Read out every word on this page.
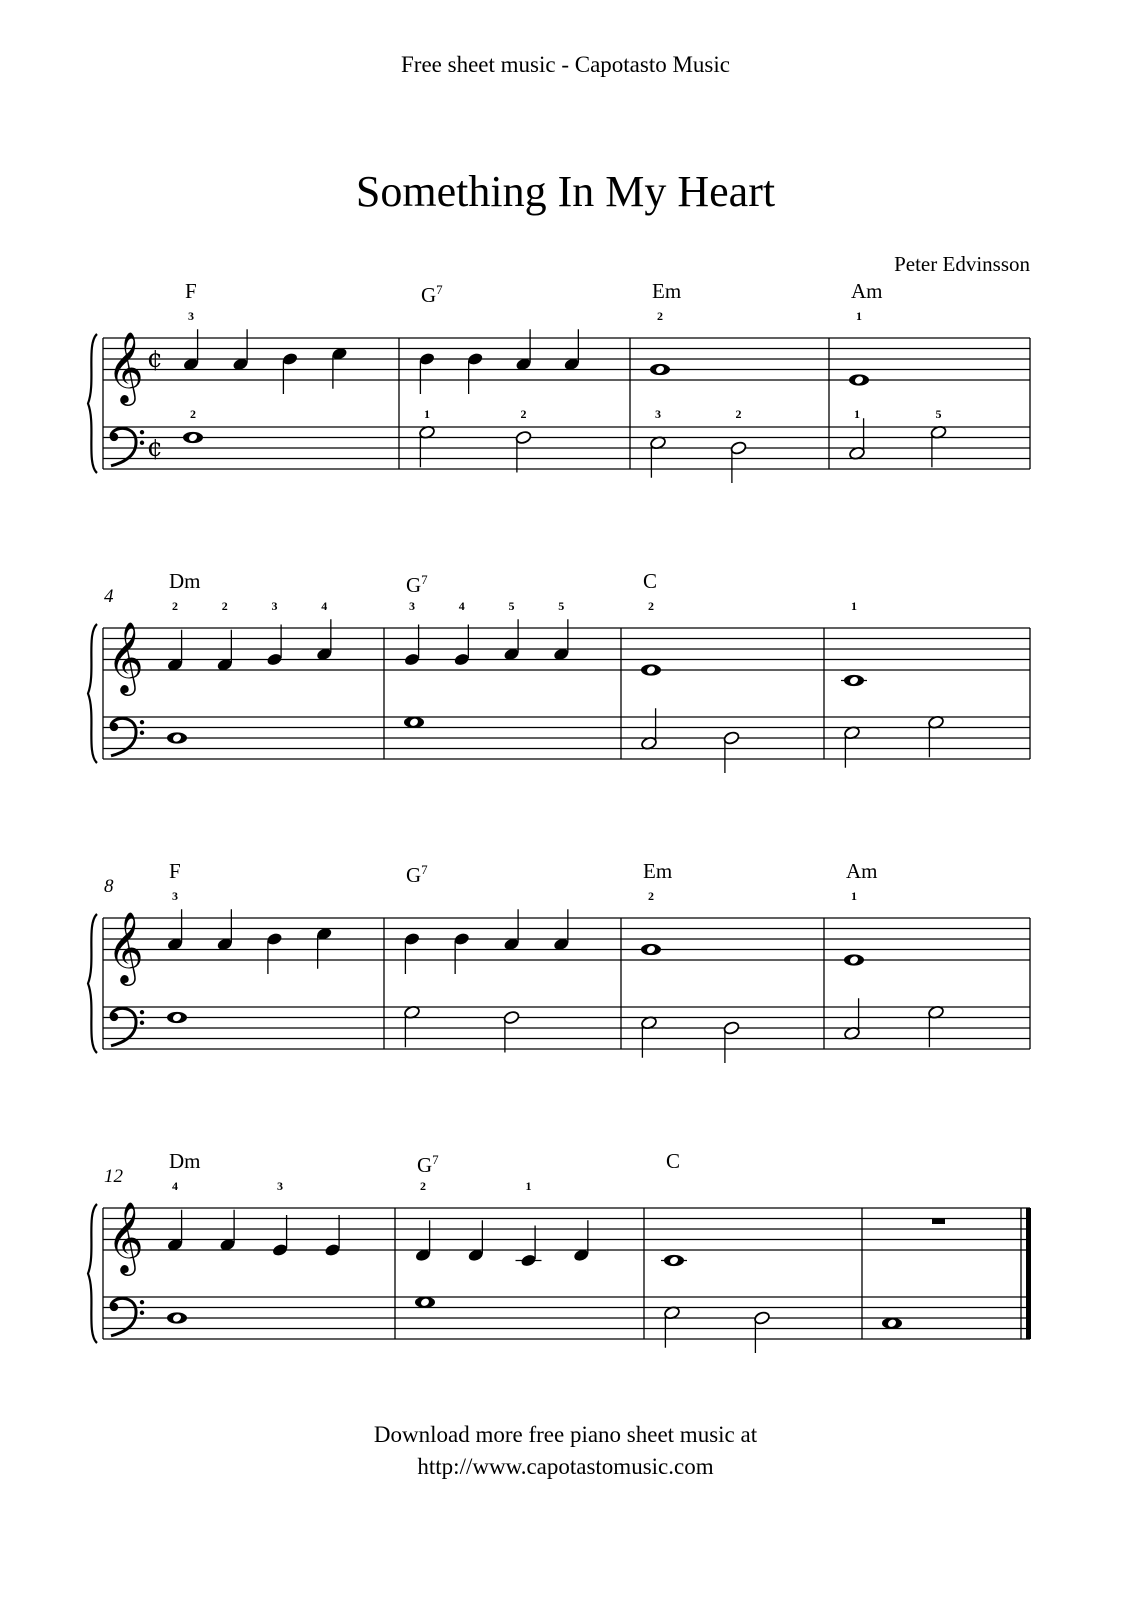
Free sheet music - Capotasto Music
Something In My Heart
Peter Edvinsson
𝄞 ¢
¢
F
3
2
$G^7$
1	2
Em
2
3	2
Am
1
1	5
𝄞
4
Dm
2	2	3	4
$G^7$
3	4	5	5
C
2	1
𝄞
8
F
3
$G^7$	Em
2
Am
1
𝄞
12
Dm
4	3
$G^7$
2	1
C
Download more free piano sheet music at
http://www.capotastomusic.com
